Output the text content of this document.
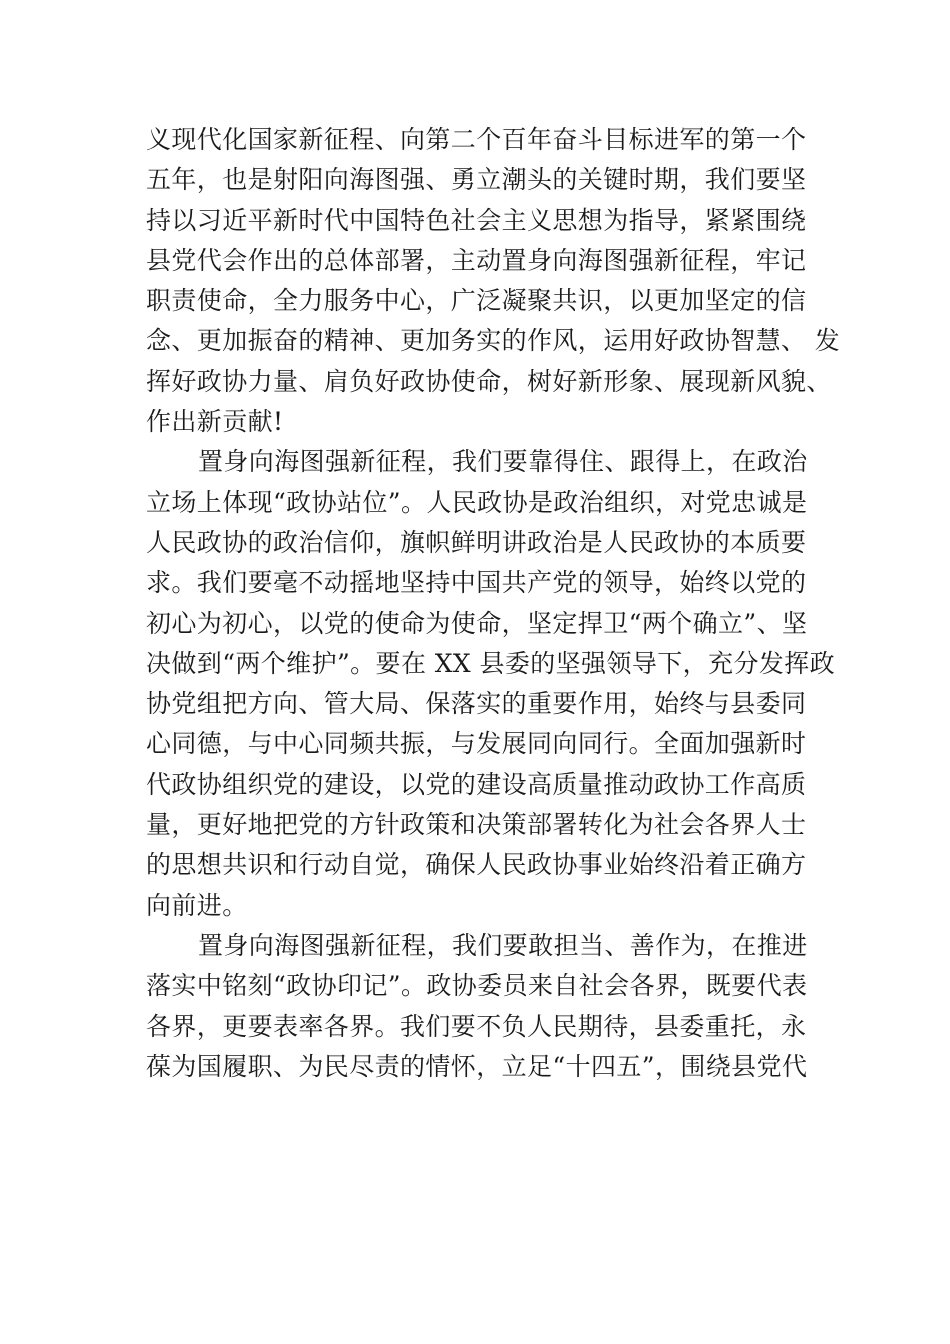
义现代化国家新征程、向第二个百年奋斗目标进军的第一个
五年，也是射阳向海图强、勇立潮头的关键时期，我们要坚
持以习近平新时代中国特色社会主义思想为指导，紧紧围绕
县党代会作出的总体部署，主动置身向海图强新征程，牢记
职责使命，全力服务中心，广泛凝聚共识，以更加坚定的信
念、更加振奋的精神、更加务实的作风，运用好政协智慧、 发
挥好政协力量、肩负好政协使命，树好新形象、展现新风貌、
作出新贡献!
置身向海图强新征程，我们要靠得住、跟得上，在政治
立场上体现“政协站位”。人民政协是政治组织，对党忠诚是
人民政协的政治信仰，旗帜鲜明讲政治是人民政协的本质要
求。我们要毫不动摇地坚持中国共产党的领导，始终以党的
初心为初心，以党的使命为使命，坚定捍卫“两个确立”、坚
决做到“两个维护”。要在 XX 县委的坚强领导下，充分发挥政
协党组把方向、管大局、保落实的重要作用，始终与县委同
心同德，与中心同频共振，与发展同向同行。全面加强新时
代政协组织党的建设，以党的建设高质量推动政协工作高质
量，更好地把党的方针政策和决策部署转化为社会各界人士
的思想共识和行动自觉，确保人民政协事业始终沿着正确方
向前进。
置身向海图强新征程，我们要敢担当、善作为，在推进
落实中铭刻“政协印记”。政协委员来自社会各界，既要代表
各界，更要表率各界。我们要不负人民期待，县委重托，永
葆为国履职、为民尽责的情怀，立足“十四五”，围绕县党代
